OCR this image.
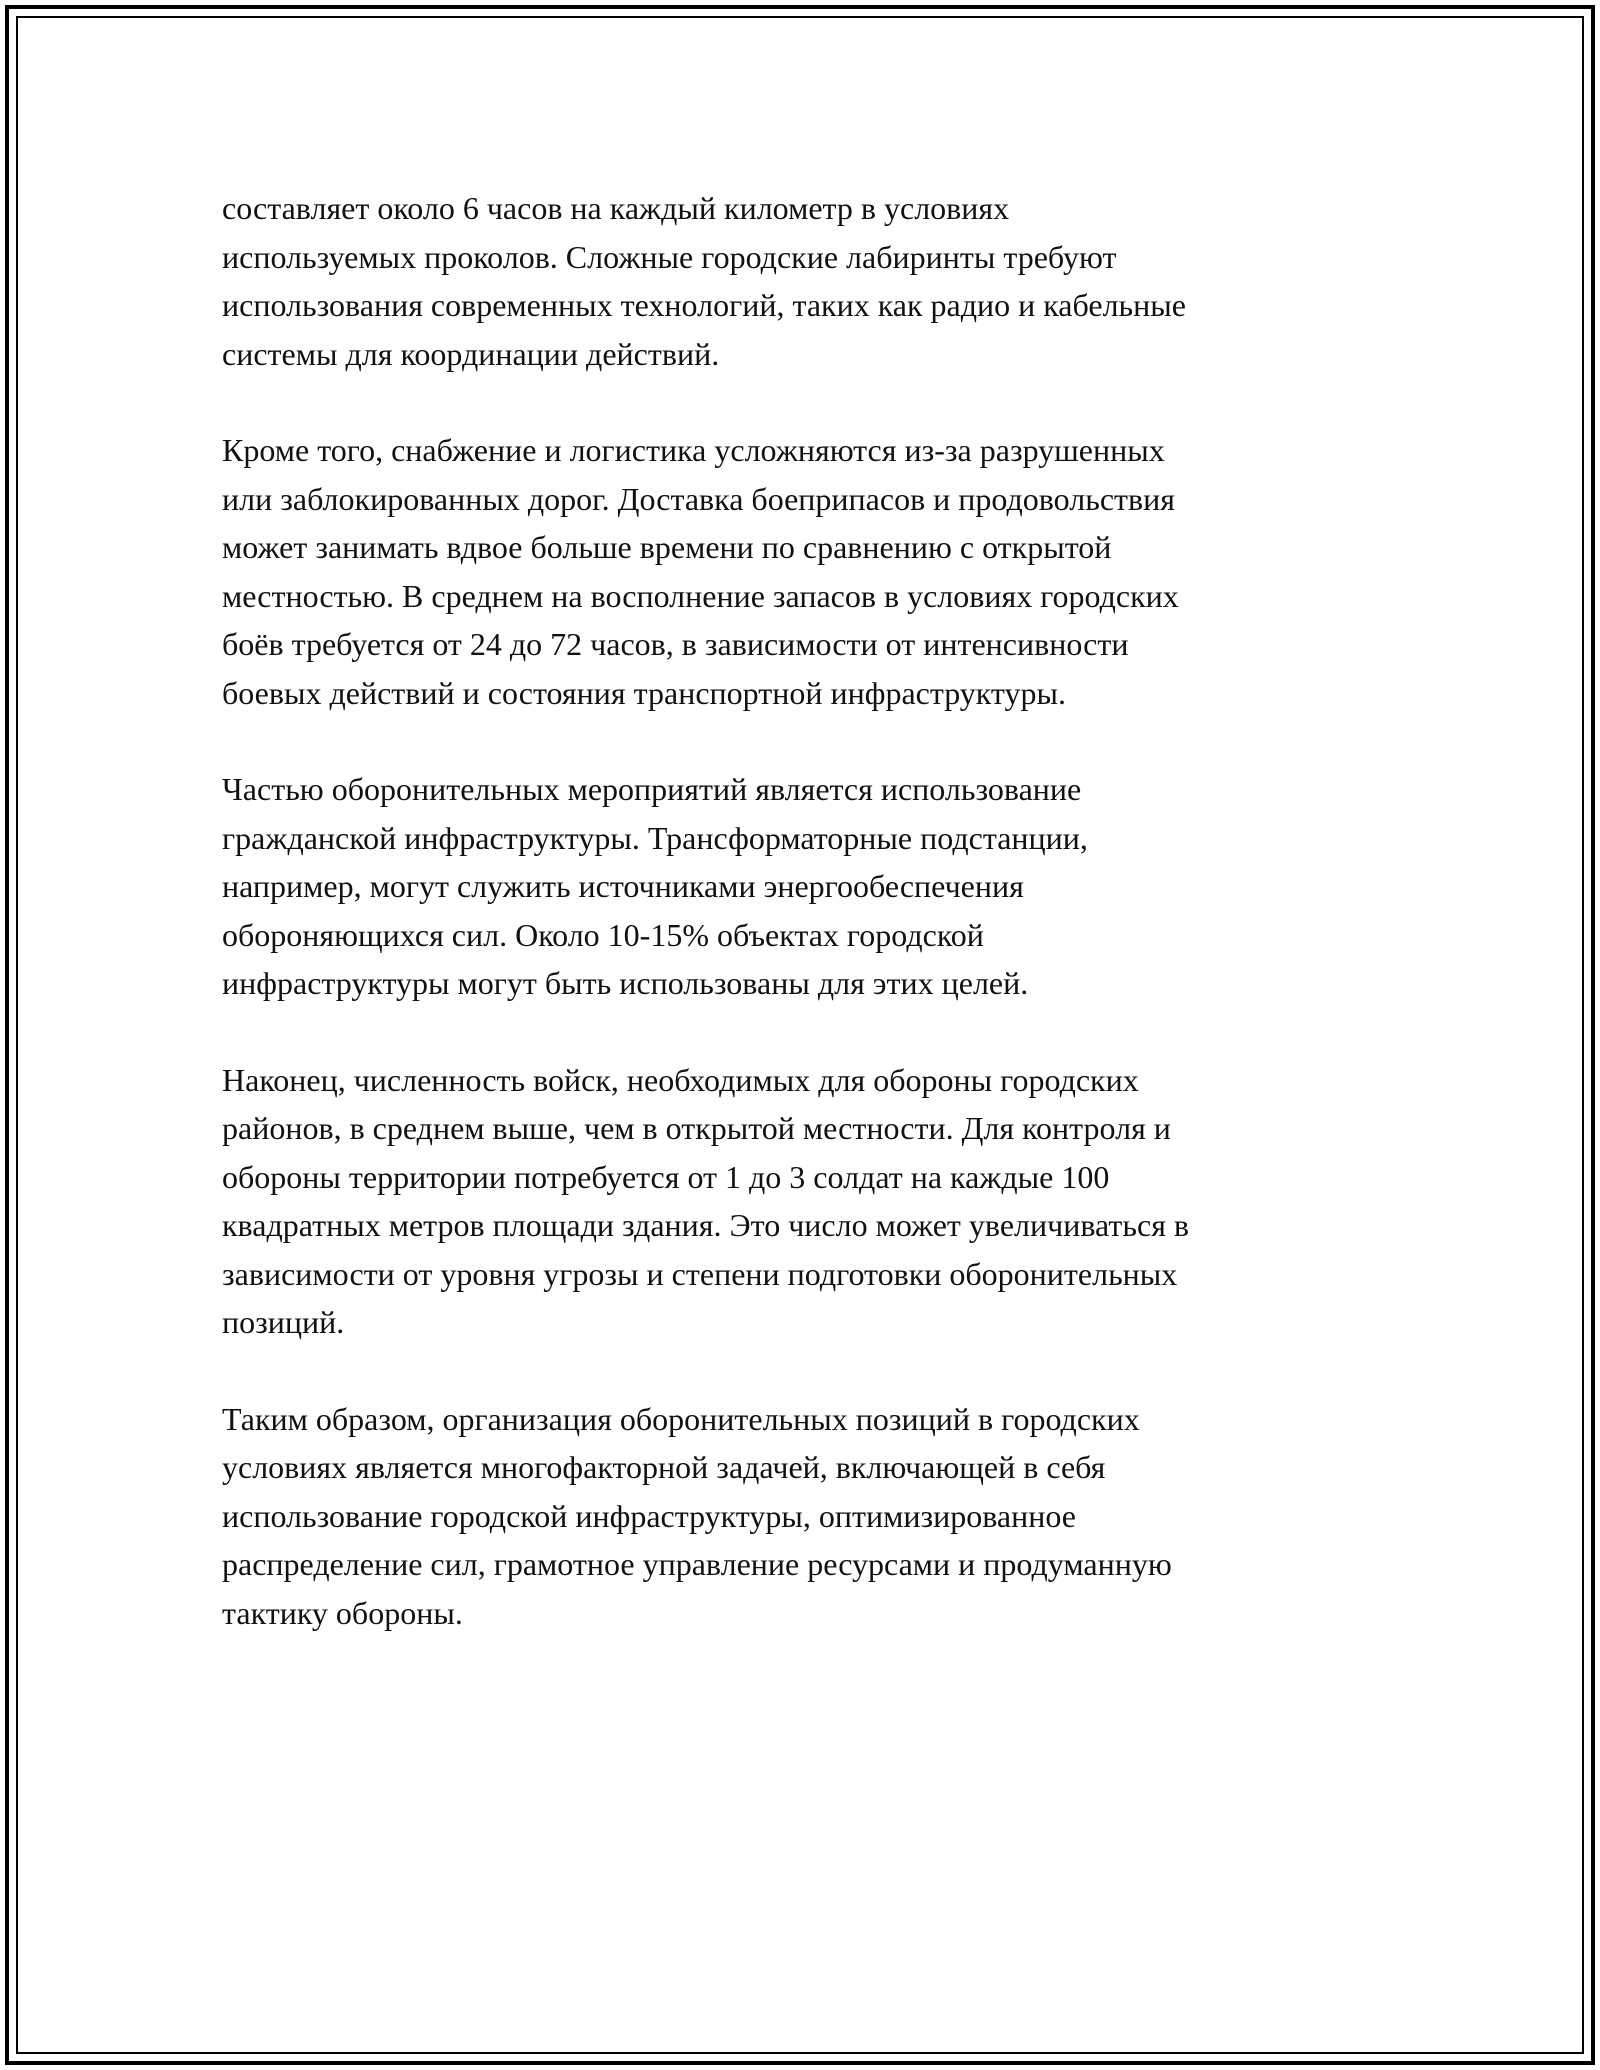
составляет около 6 часов на каждый километр в условиях
используемых проколов. Сложные городские лабиринты требуют
использования современных технологий, таких как радио и кабельные
системы для координации действий.

Кроме того, снабжение и логистика усложняются из-за разрушенных
или заблокированных дорог. Доставка боеприпасов и продовольствия
может занимать вдвое больше времени по сравнению с открытой
местностью. В среднем на восполнение запасов в условиях городских
боёв требуется от 24 до 72 часов, в зависимости от интенсивности
боевых действий и состояния транспортной инфраструктуры.

Частью оборонительных мероприятий является использование
гражданской инфраструктуры. Трансформаторные подстанции,
например, могут служить источниками энергообеспечения
обороняющихся сил. Около 10-15% объектах городской
инфраструктуры могут быть использованы для этих целей.

Наконец, численность войск, необходимых для обороны городских
районов, в среднем выше, чем в открытой местности. Для контроля и
обороны территории потребуется от 1 до 3 солдат на каждые 100
квадратных метров площади здания. Это число может увеличиваться в
зависимости от уровня угрозы и степени подготовки оборонительных
позиций.

Таким образом, организация оборонительных позиций в городских
условиях является многофакторной задачей, включающей в себя
использование городской инфраструктуры, оптимизированное
распределение сил, грамотное управление ресурсами и продуманную
тактику обороны.
